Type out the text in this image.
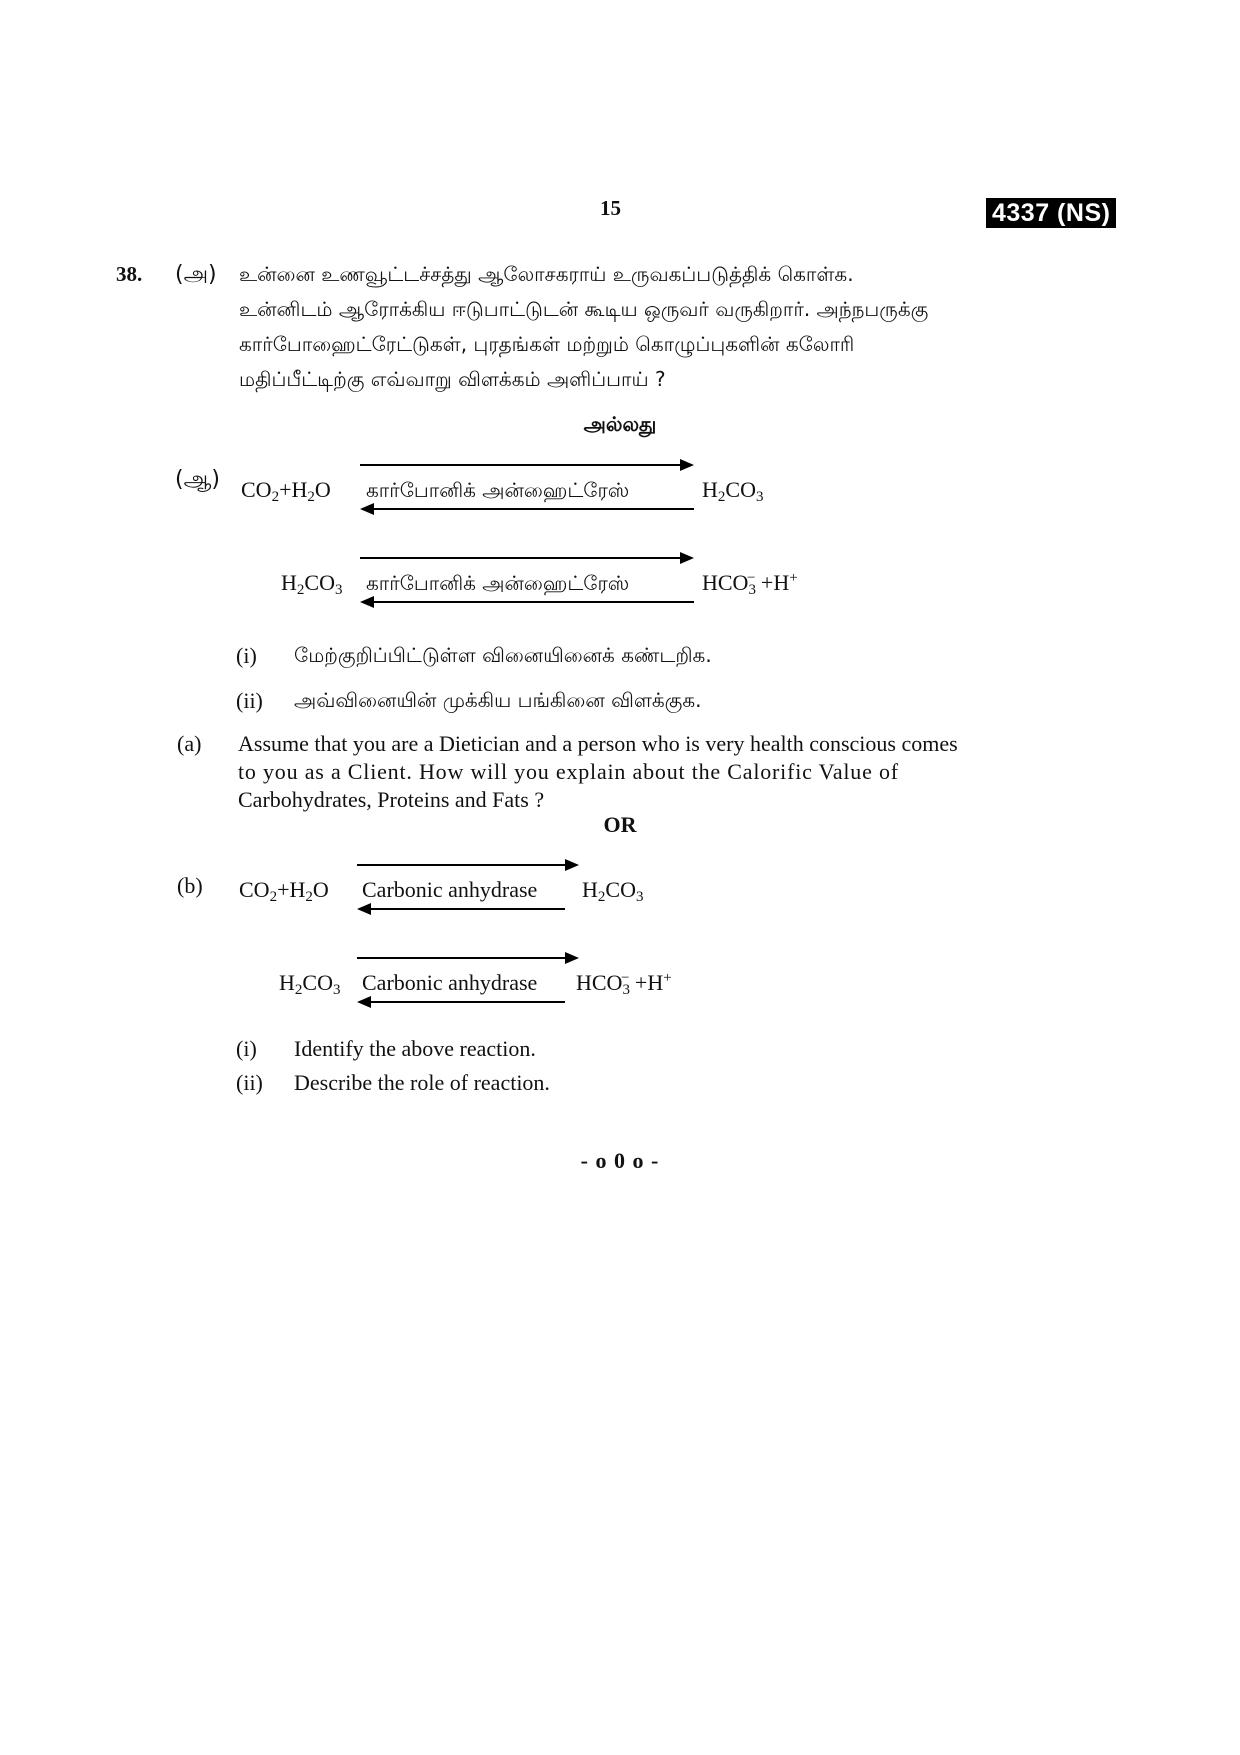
15	4337 (NS)
38. (அ) உன்னை உணவூட்டச்சத்து ஆலோசகராய் உருவகப்படுத்திக் கொள்க.

உன்னிடம் ஆரோக்கிய ஈடுபாட்டுடன் கூடிய ஒருவர் வருகிறார். அந்நபருக்கு

கார்போஹைட்ரேட்டுகள், புரதங்கள் மற்றும் கொழுப்புகளின் கலோரி

மதிப்பீட்டிற்கு எவ்வாறு விளக்கம் அளிப்பாய் ?

அல்லது
(ஆ) $CO_2+H_2O$ கார்போனிக் அன்ஹைட்ரேஸ்	$H_2CO_3$
$H_2CO_3$ கார்போனிக் அன்ஹைட்ரேஸ்	$HCO_3^- +H^+$
(i) மேற்குறிப்பிட்டுள்ள வினையினைக் கண்டறிக.
(ii) அவ்வினையின் முக்கிய பங்கினை விளக்குக.
(a) Assume that you are a Dietician and a person who is very health conscious comes
to you as a Client. How will you explain about the Calorific Value of
Carbohydrates, Proteins and Fats ?
OR
(b) $CO_2+H_2O$ Carbonic anhydrase $H_2CO_3$
$H_2CO_3$ Carbonic anhydrase $HCO_3^- +H^+$
(i) Identify the above reaction.
(ii) Describe the role of reaction.
- o 0 o -
